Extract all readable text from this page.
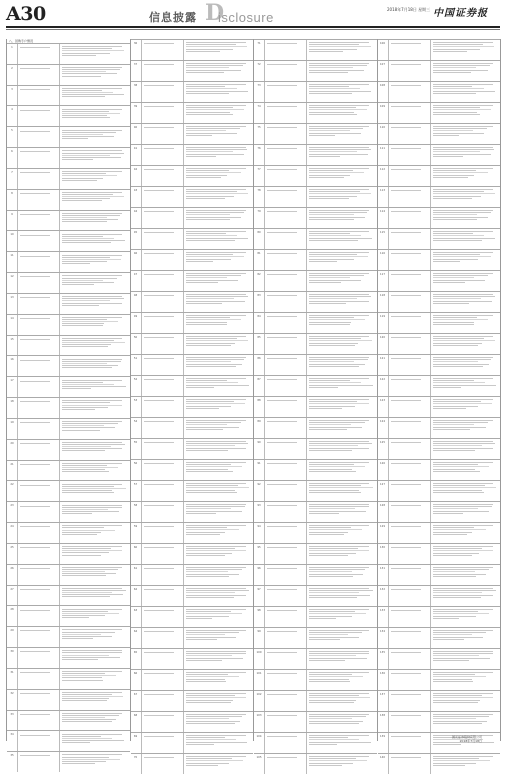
A30	信息披露 D
isclosure
2018年7月18日 星期三 中国证券报
八、回购专户情况
1
2
3
4
5
6
7
8
9
10
11
12
13
14
15
16
17
18
19
20
21
22
23
24
25
26
27
28
29
30
31
32
33
34
35
36
37
38
39
40
41
42
43
44
45
46
47
48
49
50
51
52
53
54
55
56
57
58
59
60
61
62
63
64
65
66
67
68
69
70
71
72
73
74
75
76
77
78
79
80
81
82
83
84
85
86
87
88
89
90
91
92
93
94
95
96
97
98
99
100
101
102
103
104
105
106
107
108
109
110
111
112
113
114
115
116
117
118
119
120
121
122
123
124
125
126
127
128
129
130
131
132
133
134
135
136
137
138
139
140
国元证券股份有限公司
2018年7月18日
